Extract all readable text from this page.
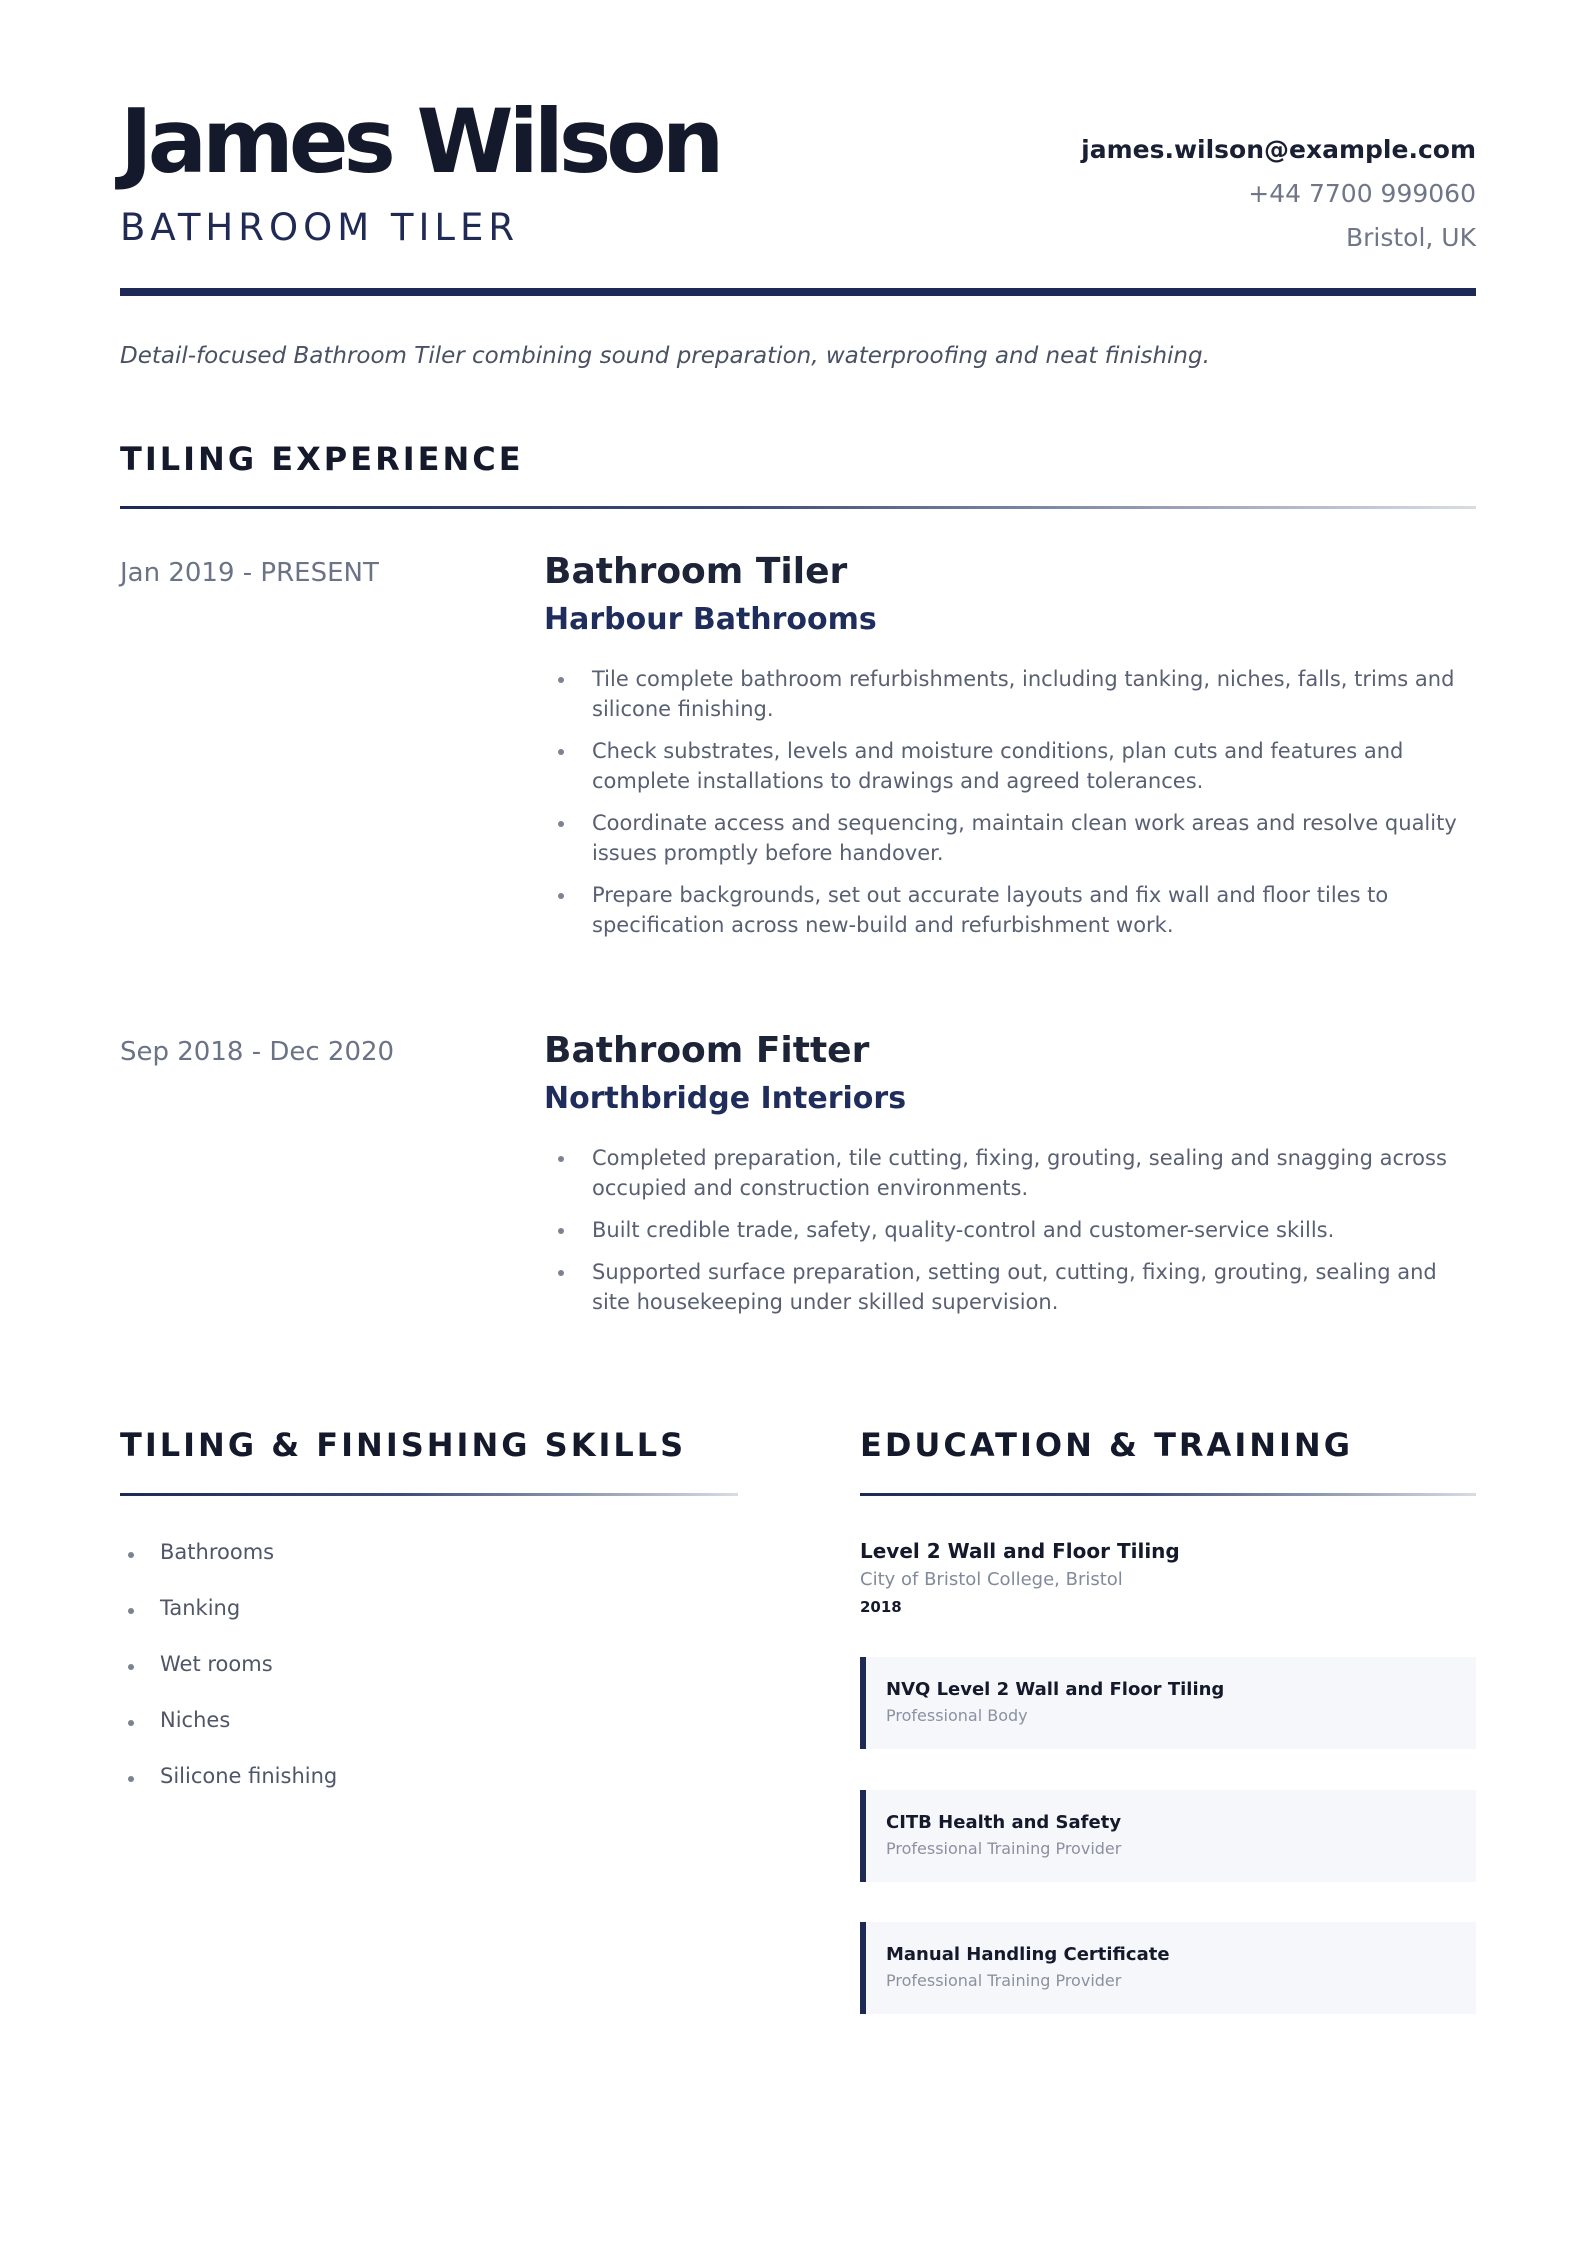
James Wilson
BATHROOM TILER
james.wilson@example.com
+44 7700 999060
Bristol, UK
Detail-focused Bathroom Tiler combining sound preparation, waterproofing and neat finishing.
TILING EXPERIENCE
Jan 2019 - PRESENT	Bathroom Tiler
Harbour Bathrooms
Tile complete bathroom refurbishments, including tanking, niches, falls, trims and silicone finishing.
Check substrates, levels and moisture conditions, plan cuts and features and complete installations to drawings and agreed tolerances.
Coordinate access and sequencing, maintain clean work areas and resolve quality issues promptly before handover.
Prepare backgrounds, set out accurate layouts and fix wall and floor tiles to specification across new-build and refurbishment work.
Sep 2018 - Dec 2020	Bathroom Fitter
Northbridge Interiors
Completed preparation, tile cutting, fixing, grouting, sealing and snagging across occupied and construction environments.
Built credible trade, safety, quality-control and customer-service skills.
Supported surface preparation, setting out, cutting, fixing, grouting, sealing and site housekeeping under skilled supervision.
TILING & FINISHING SKILLS
Bathrooms
Tanking
Wet rooms
Niches
Silicone finishing
EDUCATION & TRAINING
Level 2 Wall and Floor Tiling
City of Bristol College, Bristol
2018
NVQ Level 2 Wall and Floor Tiling
Professional Body
CITB Health and Safety
Professional Training Provider
Manual Handling Certificate
Professional Training Provider
